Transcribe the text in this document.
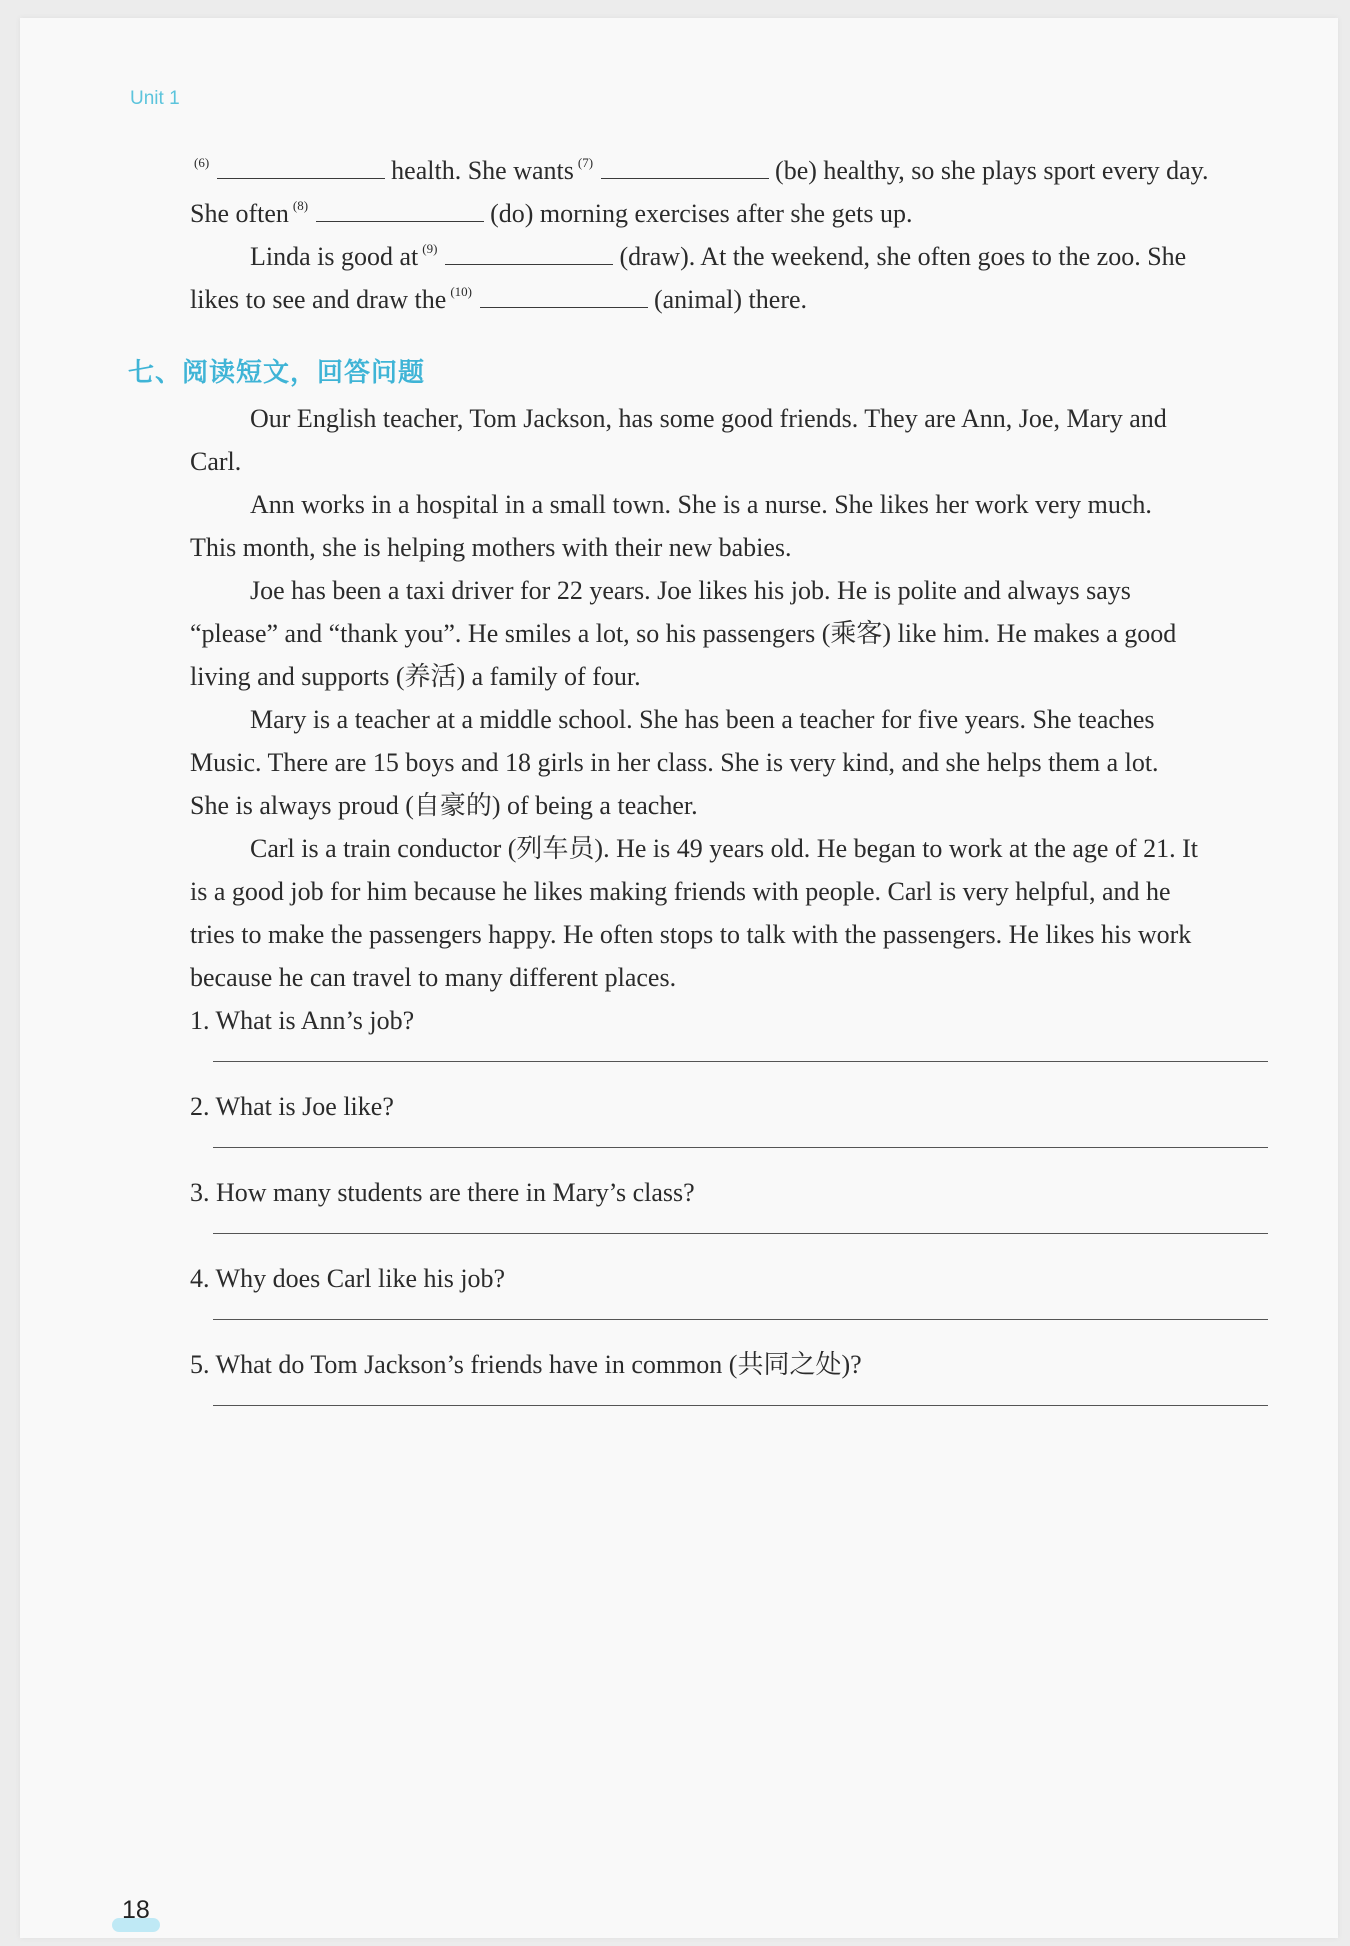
Unit 1
$^{(6)}$	health. She wants $^{(7)}$	(be) healthy, so she plays sport every day.
She often $^{(8)}$	(do) morning exercises after she gets up.
Linda is good at $^{(9)}$	(draw). At the weekend, she often goes to the zoo. She
likes to see and draw the $^{(10)}$	(animal) there.
七、阅读短文，回答问题
Our English teacher, Tom Jackson, has some good friends. They are Ann, Joe, Mary and
Carl.
Ann works in a hospital in a small town. She is a nurse. She likes her work very much.
This month, she is helping mothers with their new babies.
Joe has been a taxi driver for 22 years. Joe likes his job. He is polite and always says
“please” and “thank you”. He smiles a lot, so his passengers (乘客) like him. He makes a good
living and supports (养活) a family of four.
Mary is a teacher at a middle school. She has been a teacher for five years. She teaches
Music. There are 15 boys and 18 girls in her class. She is very kind, and she helps them a lot.
She is always proud (自豪的) of being a teacher.
Carl is a train conductor (列车员). He is 49 years old. He began to work at the age of 21. It
is a good job for him because he likes making friends with people. Carl is very helpful, and he
tries to make the passengers happy. He often stops to talk with the passengers. He likes his work
because he can travel to many different places.
1. What is Ann’s job?
2. What is Joe like?
3. How many students are there in Mary’s class?
4. Why does Carl like his job?
5. What do Tom Jackson’s friends have in common (共同之处)?
18
